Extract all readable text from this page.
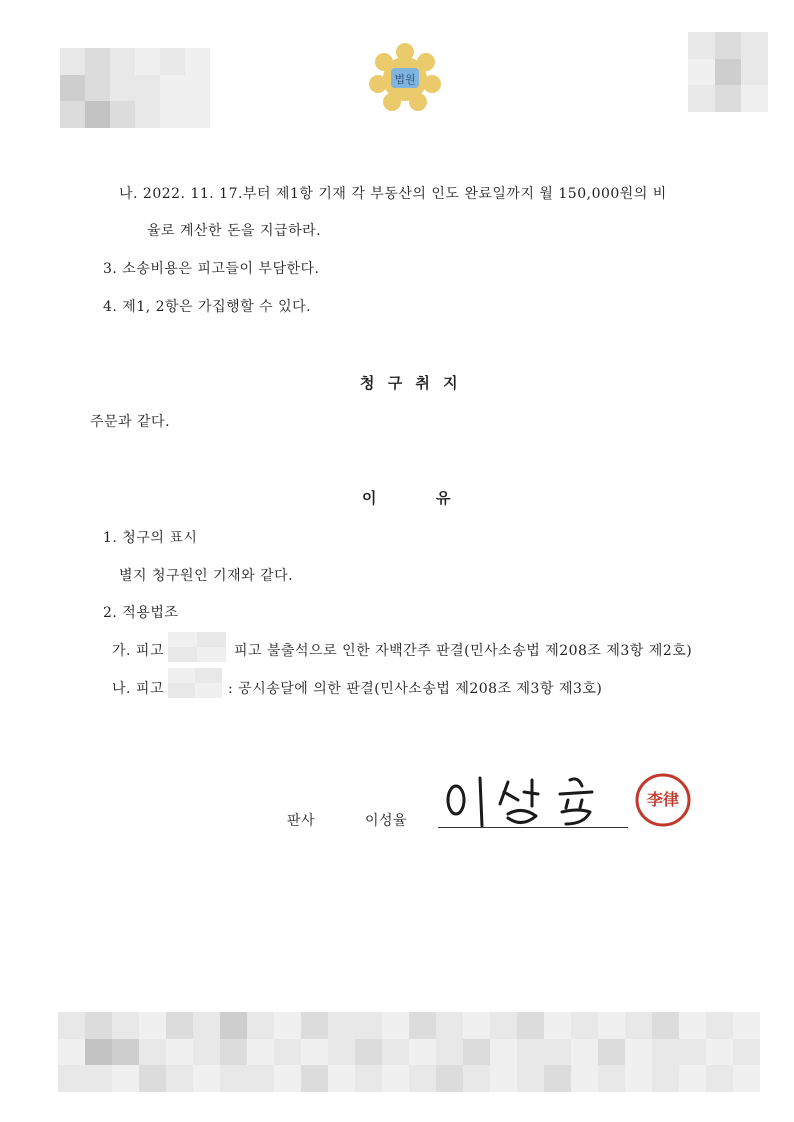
법원
나. 2022. 11. 17.부터 제1항 기재 각 부동산의 인도 완료일까지 월 150,000원의 비
율로 계산한 돈을 지급하라.
3. 소송비용은 피고들이 부담한다.
4. 제1, 2항은 가집행할 수 있다.
청 구 취 지
주문과 같다.
이	유
1. 청구의 표시
별지 청구원인 기재와 같다.
2. 적용법조
가. 피고	피고 불출석으로 인한 자백간주 판결(민사소송법 제208조 제3항 제2호)
나. 피고	: 공시송달에 의한 판결(민사소송법 제208조 제3항 제3호)
판사	이성율
李律
